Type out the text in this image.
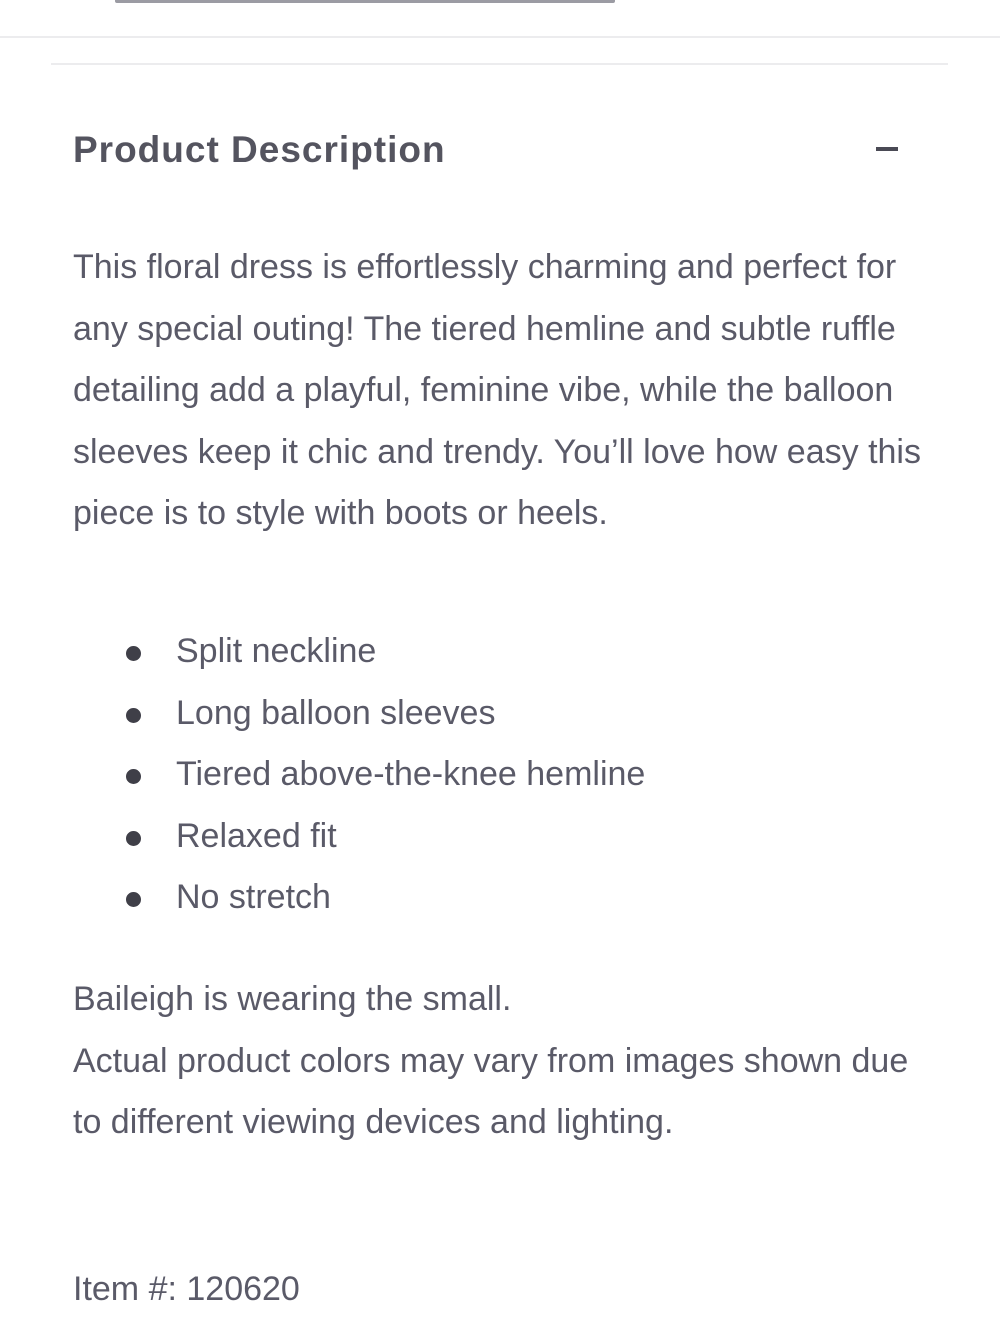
Product Description

This floral dress is effortlessly charming and perfect for any special outing! The tiered hemline and subtle ruffle detailing add a playful, feminine vibe, while the balloon sleeves keep it chic and trendy. You’ll love how easy this piece is to style with boots or heels.

Split neckline
Long balloon sleeves
Tiered above-the-knee hemline
Relaxed fit
No stretch

Baileigh is wearing the small.

Actual product colors may vary from images shown due to different viewing devices and lighting.

Item #: 120620
